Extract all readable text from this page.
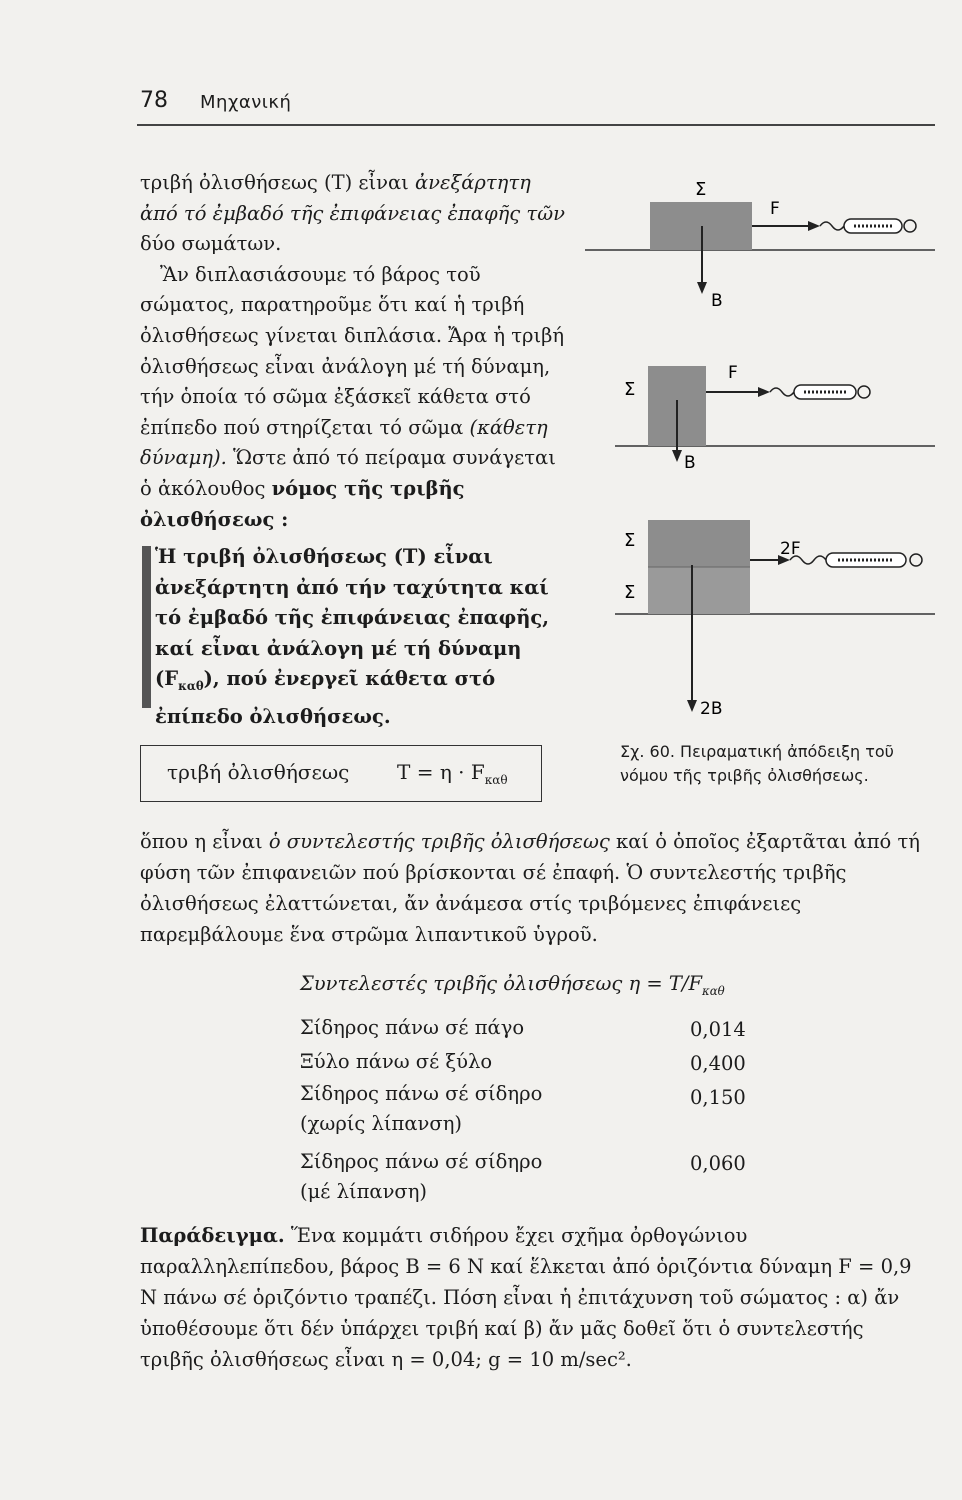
78 Μηχανική

τριβή ὀλισθήσεως (Τ) εἶναι ἀνεξάρτητη ἀπό τό ἐμβαδό τῆς ἐπιφάνειας ἐπαφῆς τῶν δύο σωμάτων.

Ἂν διπλασιάσουμε τό βάρος τοῦ σώματος, παρατηροῦμε ὅτι καί ἡ τριβή ὀλισθήσεως γίνεται διπλάσια. Ἄρα ἡ τριβή ὀλισθήσεως εἶναι ἀνάλογη μέ τή δύναμη, τήν ὁποία τό σῶμα ἐξάσκεῖ κάθετα στό ἐπίπεδο πού στηρίζεται τό σῶμα (κάθετη δύναμη). Ὥστε ἀπό τό πείραμα συνάγεται ὁ ἀκόλουθος νόμος τῆς τριβῆς ὀλισθήσεως :

Ἡ τριβή ὀλισθήσεως (Τ) εἶναι ἀνεξάρτητη ἀπό τήν ταχύτητα καί τό ἐμβαδό τῆς ἐπιφάνειας ἐπαφῆς, καί εἶναι ἀνάλογη μέ τή δύναμη $(F_{\kappa\alpha\theta})$, πού ἐνεργεῖ κάθετα στό ἐπίπεδο ὀλισθήσεως.
τριβή ὀλισθήσεως $T = \eta \cdot F_{\kappa\alpha\theta}$
Σ
F
B
Σ
F
B
Σ
Σ
2F
2B
Σχ. 60. Πειραματική ἀπόδειξη τοῦ νόμου τῆς τριβῆς ὀλισθήσεως.
ὅπου η εἶναι ὁ συντελεστής τριβῆς ὀλισθήσεως καί ὁ ὁποῖος ἐξαρτᾶται ἀπό τή φύση τῶν ἐπιφανειῶν πού βρίσκονται σέ ἐπαφή. Ὁ συντελεστής τριβῆς ὀλισθήσεως ἐλαττώνεται, ἄν ἀνάμεσα στίς τριβόμενες ἐπιφάνειες παρεμβάλουμε ἕνα στρῶμα λιπαντικοῦ ὑγροῦ.
Συντελεστές τριβῆς ὀλισθήσεως $\eta = T/F_{\kappa\alpha\theta}$
Σίδηρος πάνω σέ πάγο	0,014
Ξύλο πάνω σέ ξύλο	0,400
Σίδηρος πάνω σέ σίδηρο
(χωρίς λίπανση)
0,150
Σίδηρος πάνω σέ σίδηρο
(μέ λίπανση)
0,060
Παράδειγμα. Ἕνα κομμάτι σιδήρου ἔχει σχῆμα ὀρθογώνιου παραλληλεπίπεδου, βάρος B = 6 N καί ἕλκεται ἀπό ὁριζόντια δύναμη F = 0,9 N πάνω σέ ὁριζόντιο τραπέζι. Πόση εἶναι ἡ ἐπιτάχυνση τοῦ σώματος : α) ἄν ὑποθέσουμε ὅτι δέν ὑπάρχει τριβή καί β) ἄν μᾶς δοθεῖ ὅτι ὁ συντελεστής τριβῆς ὀλισθήσεως εἶναι η = 0,04; g = 10 m/sec².
